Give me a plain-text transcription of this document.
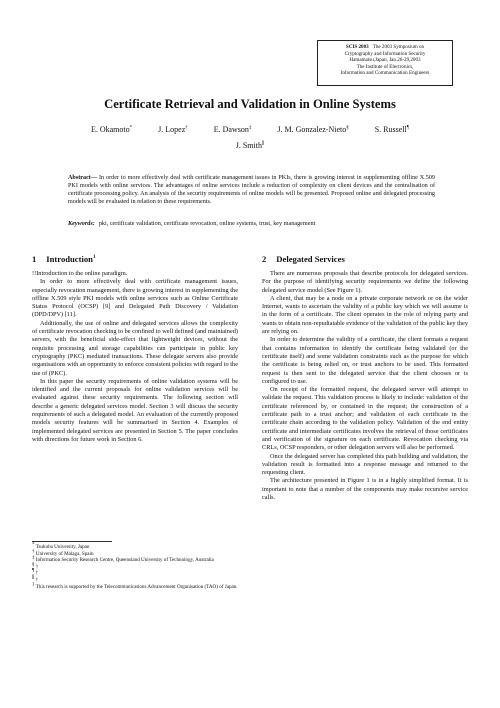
SCIS 2003 The 2003 Symposium on
Cryptography and Information Security
Hamamatsu,Japan, Jan.26-29,2003
The Institute of Electronics,
Information and Communication Engineers
Certificate Retrieval and Validation in Online Systems
E. Okamoto*	J. Lopez†	E. Dawson‡	J. M. Gonzalez-Nieto§	S. Russell¶
J. Smith∥
Abstract— In order to more effectively deal with certificate management issues in PKIs, there is growing interest in supplementing offline X.509 PKI models with online services. The advantages of online services include a reduction of complexity on client devices and the centralisation of certificate processing policy. An analysis of the security requirements of online models will be presented. Proposed online and delegated processing models will be evaluated in relation to these requirements.
Keywords: pki, certificate validation, certificate revocation, online systems, trust, key management
1 Introduction$^1$	2 Delegated Services

!!Introduction to the online paradigm.

In order to more effectively deal with certificate management issues, especially revocation management, there is growing interest in supplementing the offline X.509 style PKI models with online services such as Online Certificate Status Protocol (OCSP) [9] and Delegated Path Discovery / Validation (DPD/DPV) [11].

Additionally, the use of online and delegated services allows the complexity of certificate revocation checking to be confined to well defined (and maintained) servers, with the beneficial side-effect that lightweight devices, without the requisite processing and storage capabilities can participate in public key cryptography (PKC) mediated transactions. These delegate servers also provide organisations with an opportunity to enforce consistent policies with regard to the use of (PKC).

In this paper the security requirements of online validation systems will be identified and the current proposals for online validation services will be evaluated against these security requirements. The following section will describe a generic delegated services model. Section 3 will discuss the security requirements of such a delegated model. An evaluation of the currently proposed models security features will be summarised in Section 4. Examples of implemented delegated services are presented in Section 5. The paper concludes with directions for future work in Section 6.

* Tsukuba University, Japan
† University of Malaga, Spain
‡ Information Security Research Centre, Queensland University of Technology, Australia
§ †
¶ †
∥ †
$^1$ This research is supported by the Telecommunications Advancement Organisation (TAO) of Japan.

There are numerous proposals that describe protocols for delegated services. For the purpose of identifying security requirements we define the following delegated service model (See Figure 1).

A client, that may be a node on a private corporate network or on the wider Internet, wants to ascertain the validity of a public key which we will assume is in the form of a certificate. The client operates in the role of relying party and wants to obtain non-repudiatable evidence of the validation of the public key they are relying on.

In order to determine the validity of a certificate, the client formats a request that contains information to identify the certificate being validated (or the certificate itself) and some validation constraints such as the purpose for which the certificate is being relied on, or trust anchors to be used. This formatted request is then sent to the delegated service that the client chooses or is configured to use.

On receipt of the formatted request, the delegated server will attempt to validate the request. This validation process is likely to include: validation of the certificate referenced by, or contained in the request; the construction of a certificate path to a trust anchor; and validation of each certificate in the certificate chain according to the validation policy. Validation of the end entity certificate and intermediate certificates involves the retrieval of those certificates and verification of the signature on each certificate. Revocation checking via CRLs, OCSP responders, or other delegation servers will also be performed.

Once the delegated server has completed this path building and validation, the validation result is formatted into a response message and returned to the requesting client.

The architecture presented in Figure 1 is in a highly simplified format. It is important to note that a number of the components may make recursive service calls.
